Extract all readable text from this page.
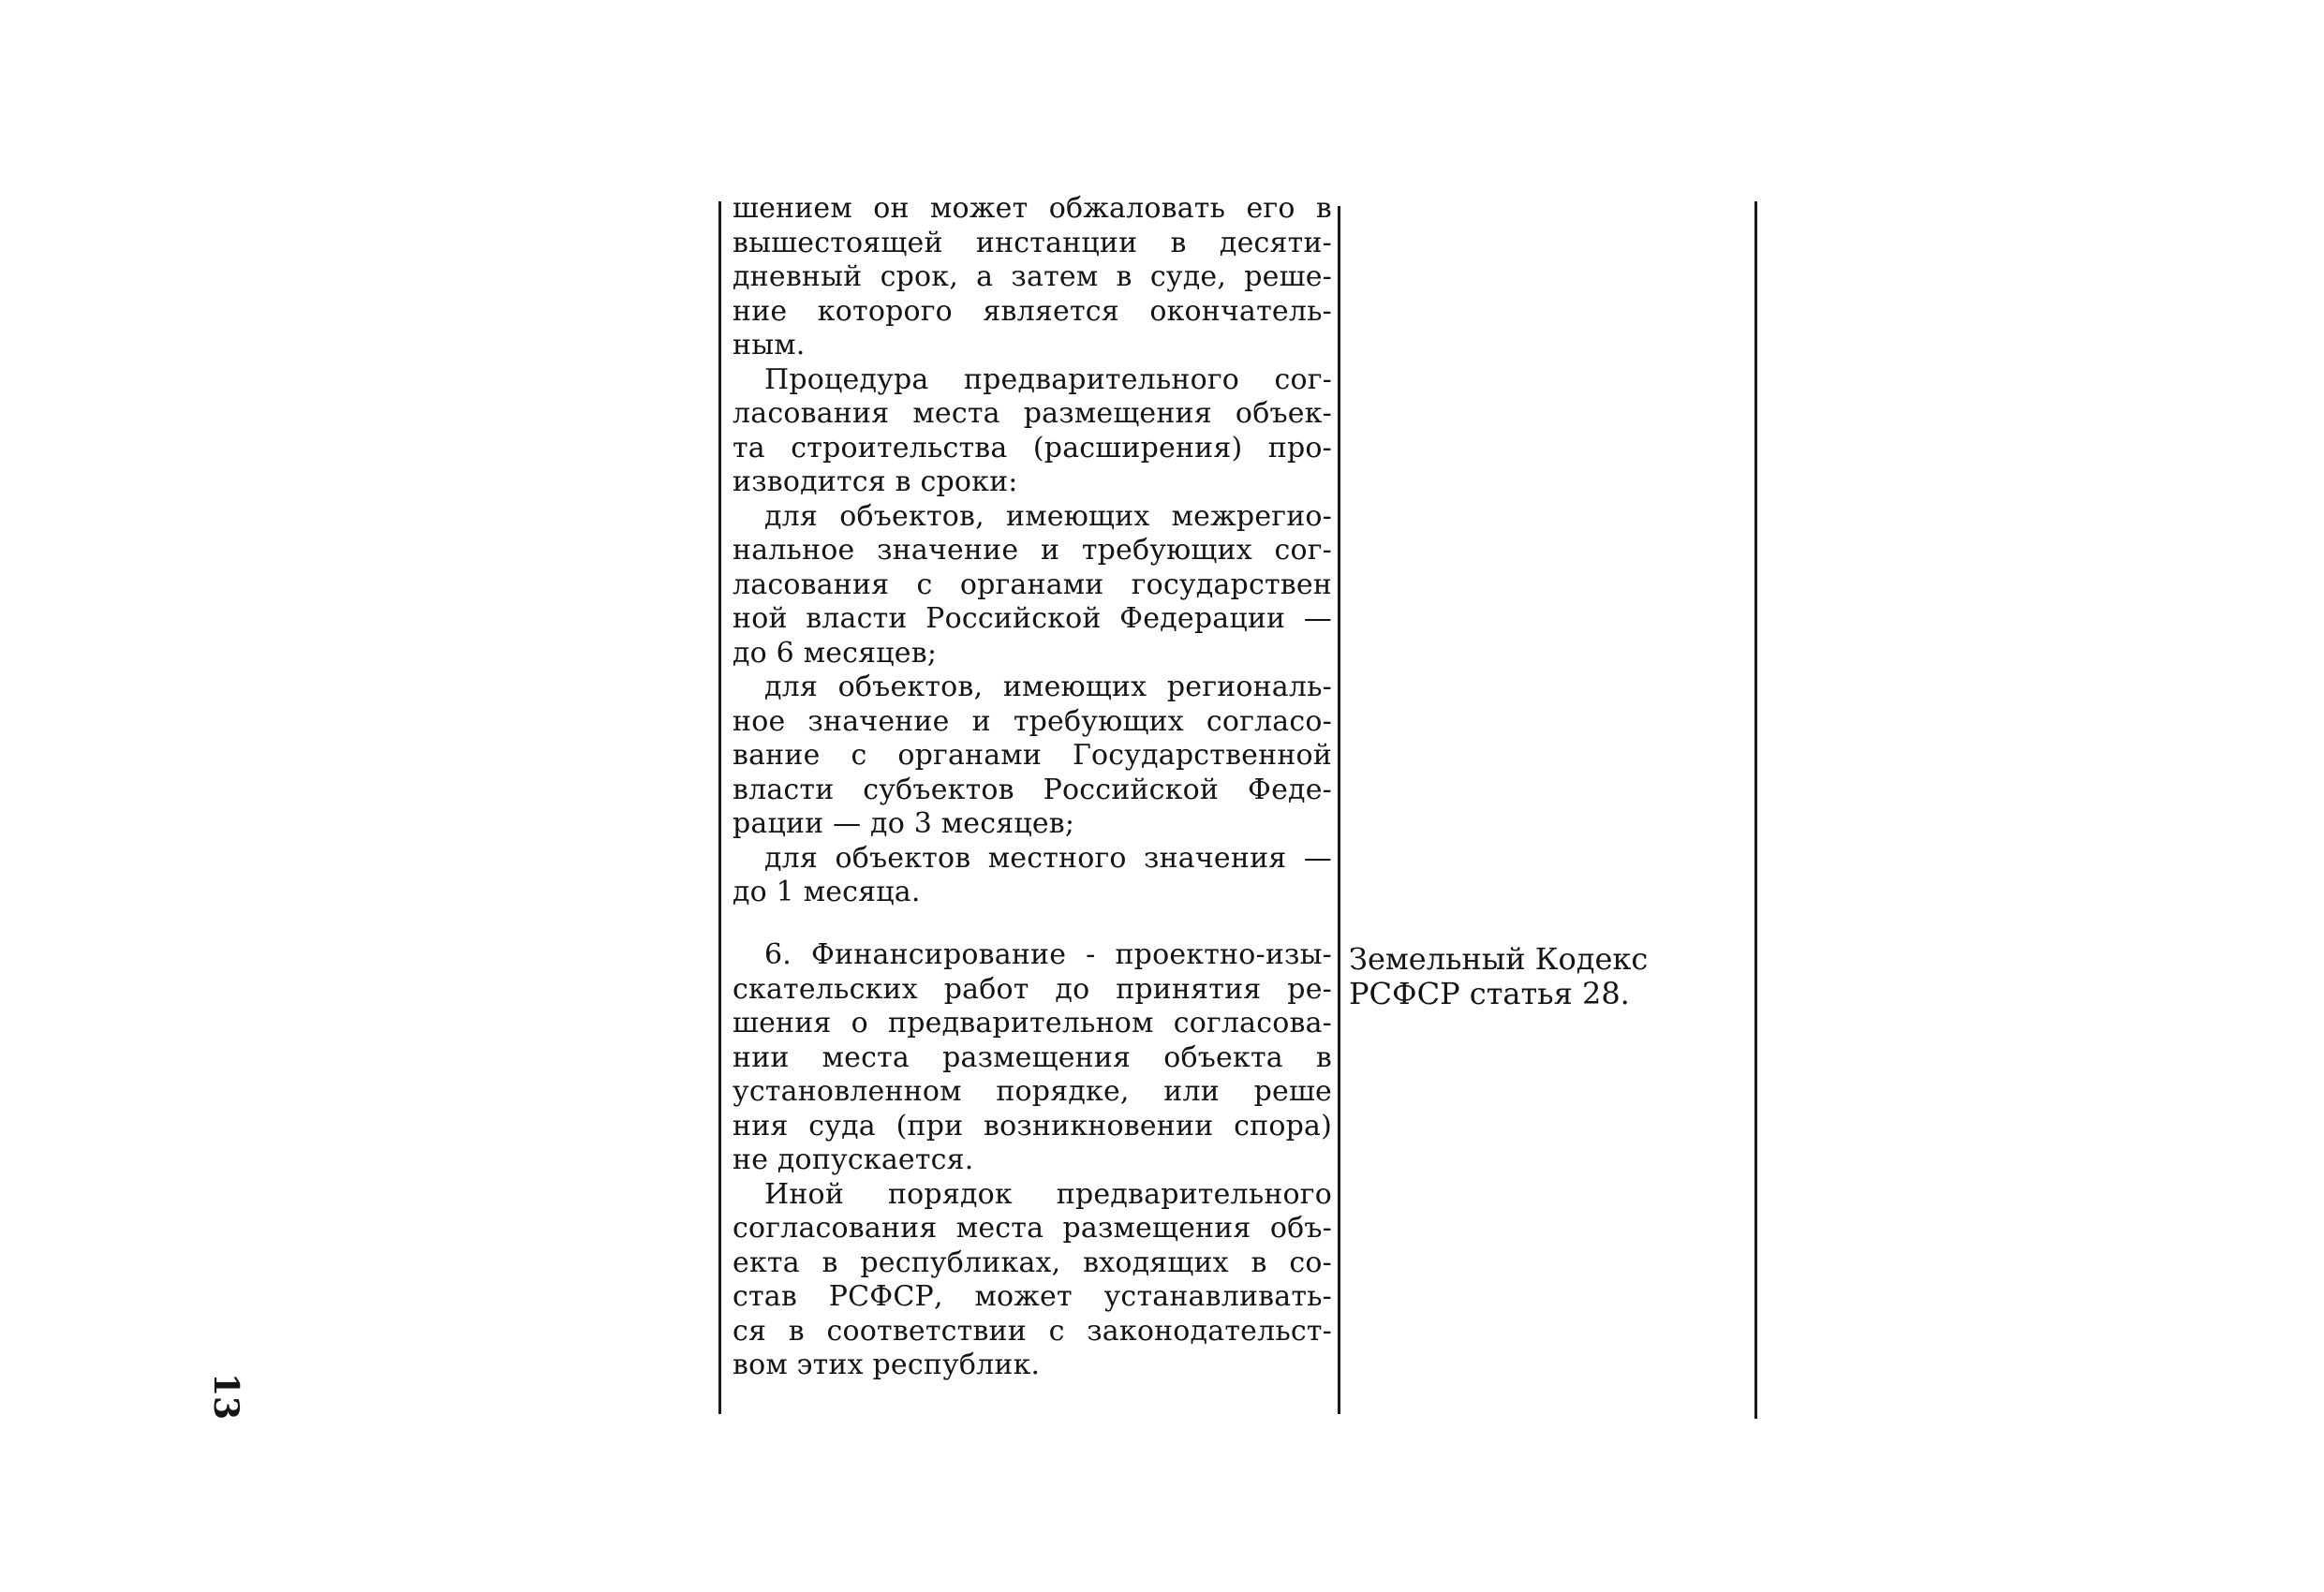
шением он может обжаловать его в
вышестоящей инстанции в десяти-
дневный срок, а затем в суде, реше-
ние которого является окончатель-
ным.
Процедура предварительного сог-
ласования места размещения объек-
та строительства (расширения) про-
изводится в сроки:
для объектов, имеющих межрегио-
нальное значение и требующих сог-
ласования с органами государствен
ной власти Российской Федерации —
до 6 месяцев;
для объектов, имеющих региональ-
ное значение и требующих согласо-
вание с органами Государственной
власти субъектов Российской Феде-
рации — до 3 месяцев;
для объектов местного значения —
до 1 месяца.
6. Финансирование - проектно-изы-
скательских работ до принятия ре-
шения о предварительном согласова-
нии места размещения объекта в
установленном порядке, или реше
ния суда (при возникновении спора)
не допускается.
Иной порядок предварительного
согласования места размещения объ-
екта в республиках, входящих в со-
став РСФСР, может устанавливать-
ся в соответствии с законодательст-
вом этих республик.
Земельный Кодекс
РСФСР статья 28.
13
